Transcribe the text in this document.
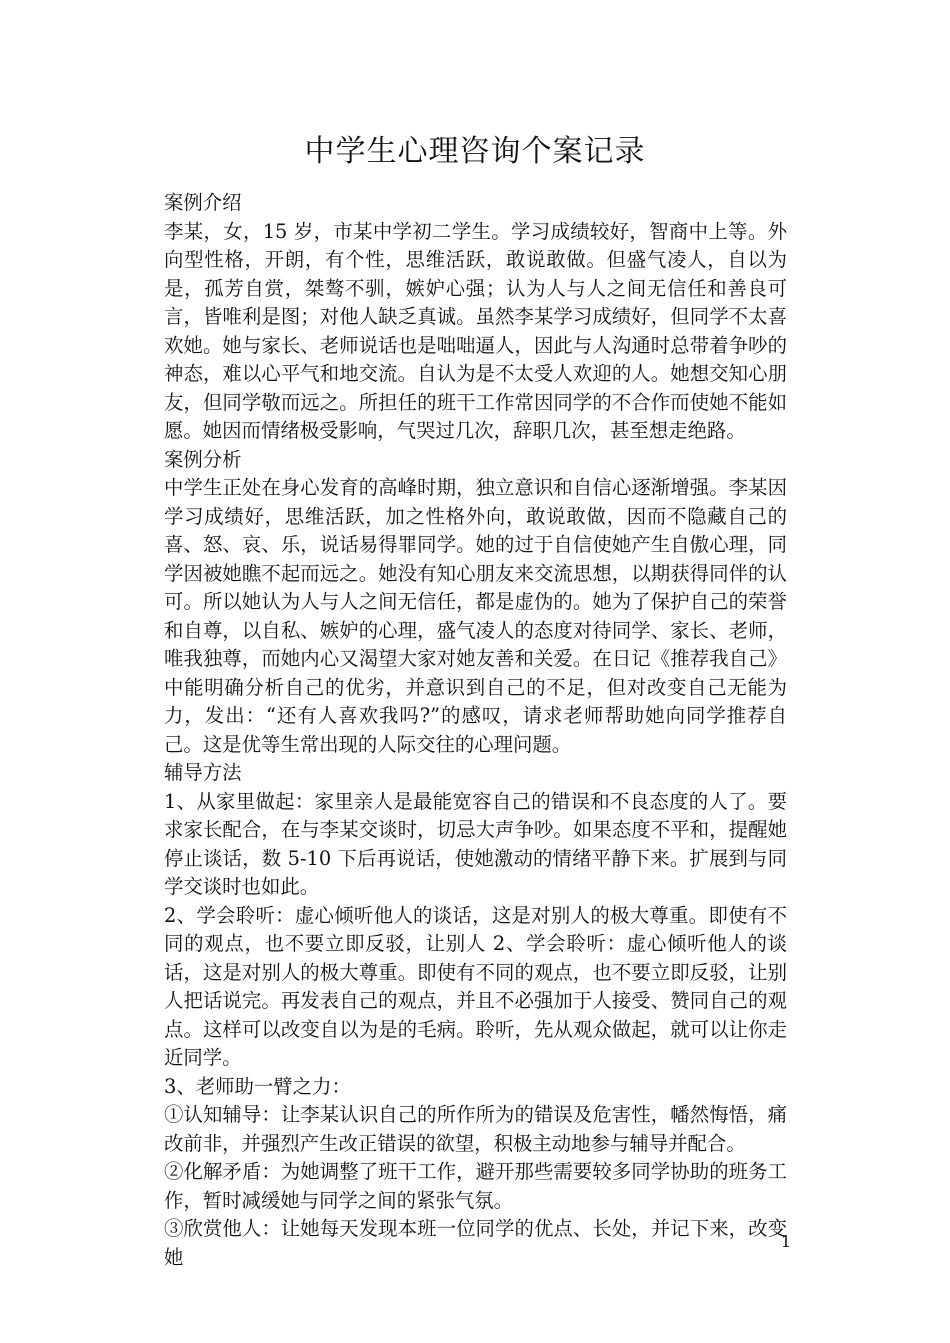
中学生心理咨询个案记录

案例介绍

李某，女，15 岁，市某中学初二学生。学习成绩较好，智商中上等。外向型性格，开朗，有个性，思维活跃，敢说敢做。但盛气凌人，自以为是，孤芳自赏，桀骜不驯，嫉妒心强；认为人与人之间无信任和善良可言，皆唯利是图；对他人缺乏真诚。虽然李某学习成绩好，但同学不太喜欢她。她与家长、老师说话也是咄咄逼人，因此与人沟通时总带着争吵的神态，难以心平气和地交流。自认为是不太受人欢迎的人。她想交知心朋友，但同学敬而远之。所担任的班干工作常因同学的不合作而使她不能如愿。她因而情绪极受影响，气哭过几次，辞职几次，甚至想走绝路。

案例分析

中学生正处在身心发育的高峰时期，独立意识和自信心逐渐增强。李某因学习成绩好，思维活跃，加之性格外向，敢说敢做，因而不隐藏自己的喜、怒、哀、乐，说话易得罪同学。她的过于自信使她产生自傲心理，同学因被她瞧不起而远之。她没有知心朋友来交流思想，以期获得同伴的认可。所以她认为人与人之间无信任，都是虚伪的。她为了保护自己的荣誉和自尊，以自私、嫉妒的心理，盛气凌人的态度对待同学、家长、老师，唯我独尊，而她内心又渴望大家对她友善和关爱。在日记《推荐我自己》中能明确分析自己的优劣，并意识到自己的不足，但对改变自己无能为力，发出：“还有人喜欢我吗?”的感叹，请求老师帮助她向同学推荐自己。这是优等生常出现的人际交往的心理问题。

辅导方法

1、从家里做起：家里亲人是最能宽容自己的错误和不良态度的人了。要求家长配合，在与李某交谈时，切忌大声争吵。如果态度不平和，提醒她停止谈话，数 5-10 下后再说话，使她激动的情绪平静下来。扩展到与同学交谈时也如此。

2、学会聆听：虚心倾听他人的谈话，这是对别人的极大尊重。即使有不同的观点，也不要立即反驳，让别人 2、学会聆听：虚心倾听他人的谈话，这是对别人的极大尊重。即使有不同的观点，也不要立即反驳，让别人把话说完。再发表自己的观点，并且不必强加于人接受、赞同自己的观点。这样可以改变自以为是的毛病。聆听，先从观众做起，就可以让你走近同学。

3、老师助一臂之力：

①认知辅导：让李某认识自己的所作所为的错误及危害性，幡然悔悟，痛改前非，并强烈产生改正错误的欲望，积极主动地参与辅导并配合。

②化解矛盾：为她调整了班干工作，避开那些需要较多同学协助的班务工作，暂时减缓她与同学之间的紧张气氛。

③欣赏他人：让她每天发现本班一位同学的优点、长处，并记下来，改变她

1
